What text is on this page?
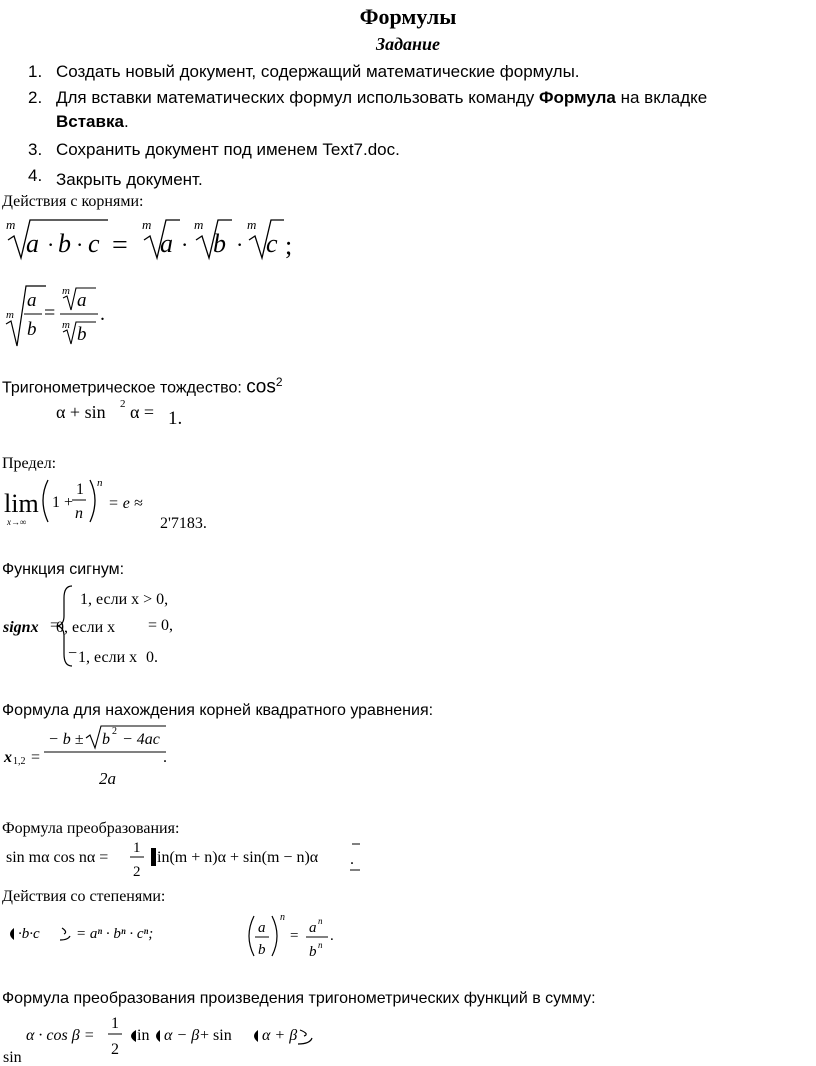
Формулы
Задание
1. Создать новый документ, содержащий математические формулы.
2. Для вставки математических формул использовать команду Формула на вкладке
Вставка.
3. Сохранить документ под именем Text7.doc.
4. Закрыть документ.
Действия с корнями:
m
a · b · c =
m
a ·
m
b ·
m
c ;
m
a
b
=
m a
m b
.
Тригонометрическое тождество: $\cos^2$
α + sin 2 α = 1.
Предел:
lim
x→∞
1 +
1
n
n
= e ≈
2'7183.
Функция сигнум:
signx =
1, если x > 0,
0, если x = 0,
− 1, если x 0.
Формула для нахождения корней квадратного уравнения:
x 1,2 =
− b ± b 2 − 4ac
2a
.
Формула преобразования:
sin mα cos nα =
1
2
in(m + n)α + sin(m − n)α .
Действия со степенями:
·b·c = aⁿ · bⁿ · cⁿ;	a
b
n
= a n
b n
.
Формула преобразования произведения тригонометрических функций в сумму:
α · cos β =
1
2
in α − β + sin α + β
sin
